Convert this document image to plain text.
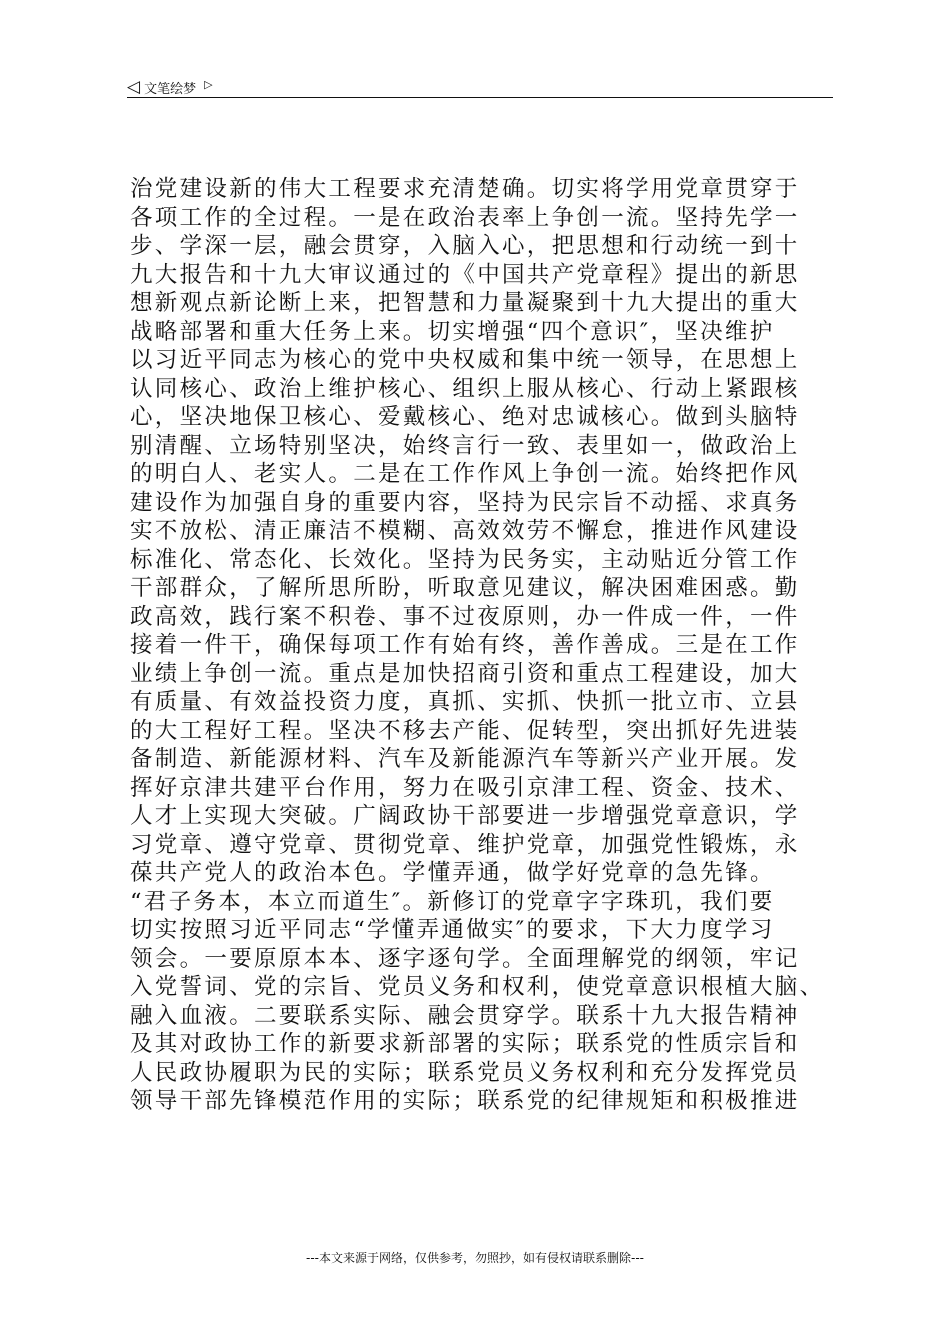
◁ 文笔绘梦 ▷
治党建设新的伟大工程要求充清楚确。切实将学用党章贯穿于
各项工作的全过程。一是在政治表率上争创一流。坚持先学一
步、学深一层，融会贯穿，入脑入心，把思想和行动统一到十
九大报告和十九大审议通过的《中国共产党章程》提出的新思
想新观点新论断上来，把智慧和力量凝聚到十九大提出的重大
战略部署和重大任务上来。切实增强“四个意识″，坚决维护
以习近平同志为核心的党中央权威和集中统一领导，在思想上
认同核心、政治上维护核心、组织上服从核心、行动上紧跟核
心，坚决地保卫核心、爱戴核心、绝对忠诚核心。做到头脑特
别清醒、立场特别坚决，始终言行一致、表里如一，做政治上
的明白人、老实人。二是在工作作风上争创一流。始终把作风
建设作为加强自身的重要内容，坚持为民宗旨不动摇、求真务
实不放松、清正廉洁不模糊、高效效劳不懈怠，推进作风建设
标准化、常态化、长效化。坚持为民务实，主动贴近分管工作
干部群众，了解所思所盼，听取意见建议，解决困难困惑。勤
政高效，践行案不积卷、事不过夜原则，办一件成一件，一件
接着一件干，确保每项工作有始有终，善作善成。三是在工作
业绩上争创一流。重点是加快招商引资和重点工程建设，加大
有质量、有效益投资力度，真抓、实抓、快抓一批立市、立县
的大工程好工程。坚决不移去产能、促转型，突出抓好先进装
备制造、新能源材料、汽车及新能源汽车等新兴产业开展。发
挥好京津共建平台作用，努力在吸引京津工程、资金、技术、
人才上实现大突破。广阔政协干部要进一步增强党章意识，学
习党章、遵守党章、贯彻党章、维护党章，加强党性锻炼，永
葆共产党人的政治本色。学懂弄通，做学好党章的急先锋。
“君子务本，本立而道生″。新修订的党章字字珠玑，我们要
切实按照习近平同志“学懂弄通做实″的要求，下大力度学习
领会。一要原原本本、逐字逐句学。全面理解党的纲领，牢记
入党誓词、党的宗旨、党员义务和权利，使党章意识根植大脑、
融入血液。二要联系实际、融会贯穿学。联系十九大报告精神
及其对政协工作的新要求新部署的实际；联系党的性质宗旨和
人民政协履职为民的实际；联系党员义务权利和充分发挥党员
领导干部先锋模范作用的实际；联系党的纪律规矩和积极推进
---本文来源于网络，仅供参考，勿照抄，如有侵权请联系删除---
